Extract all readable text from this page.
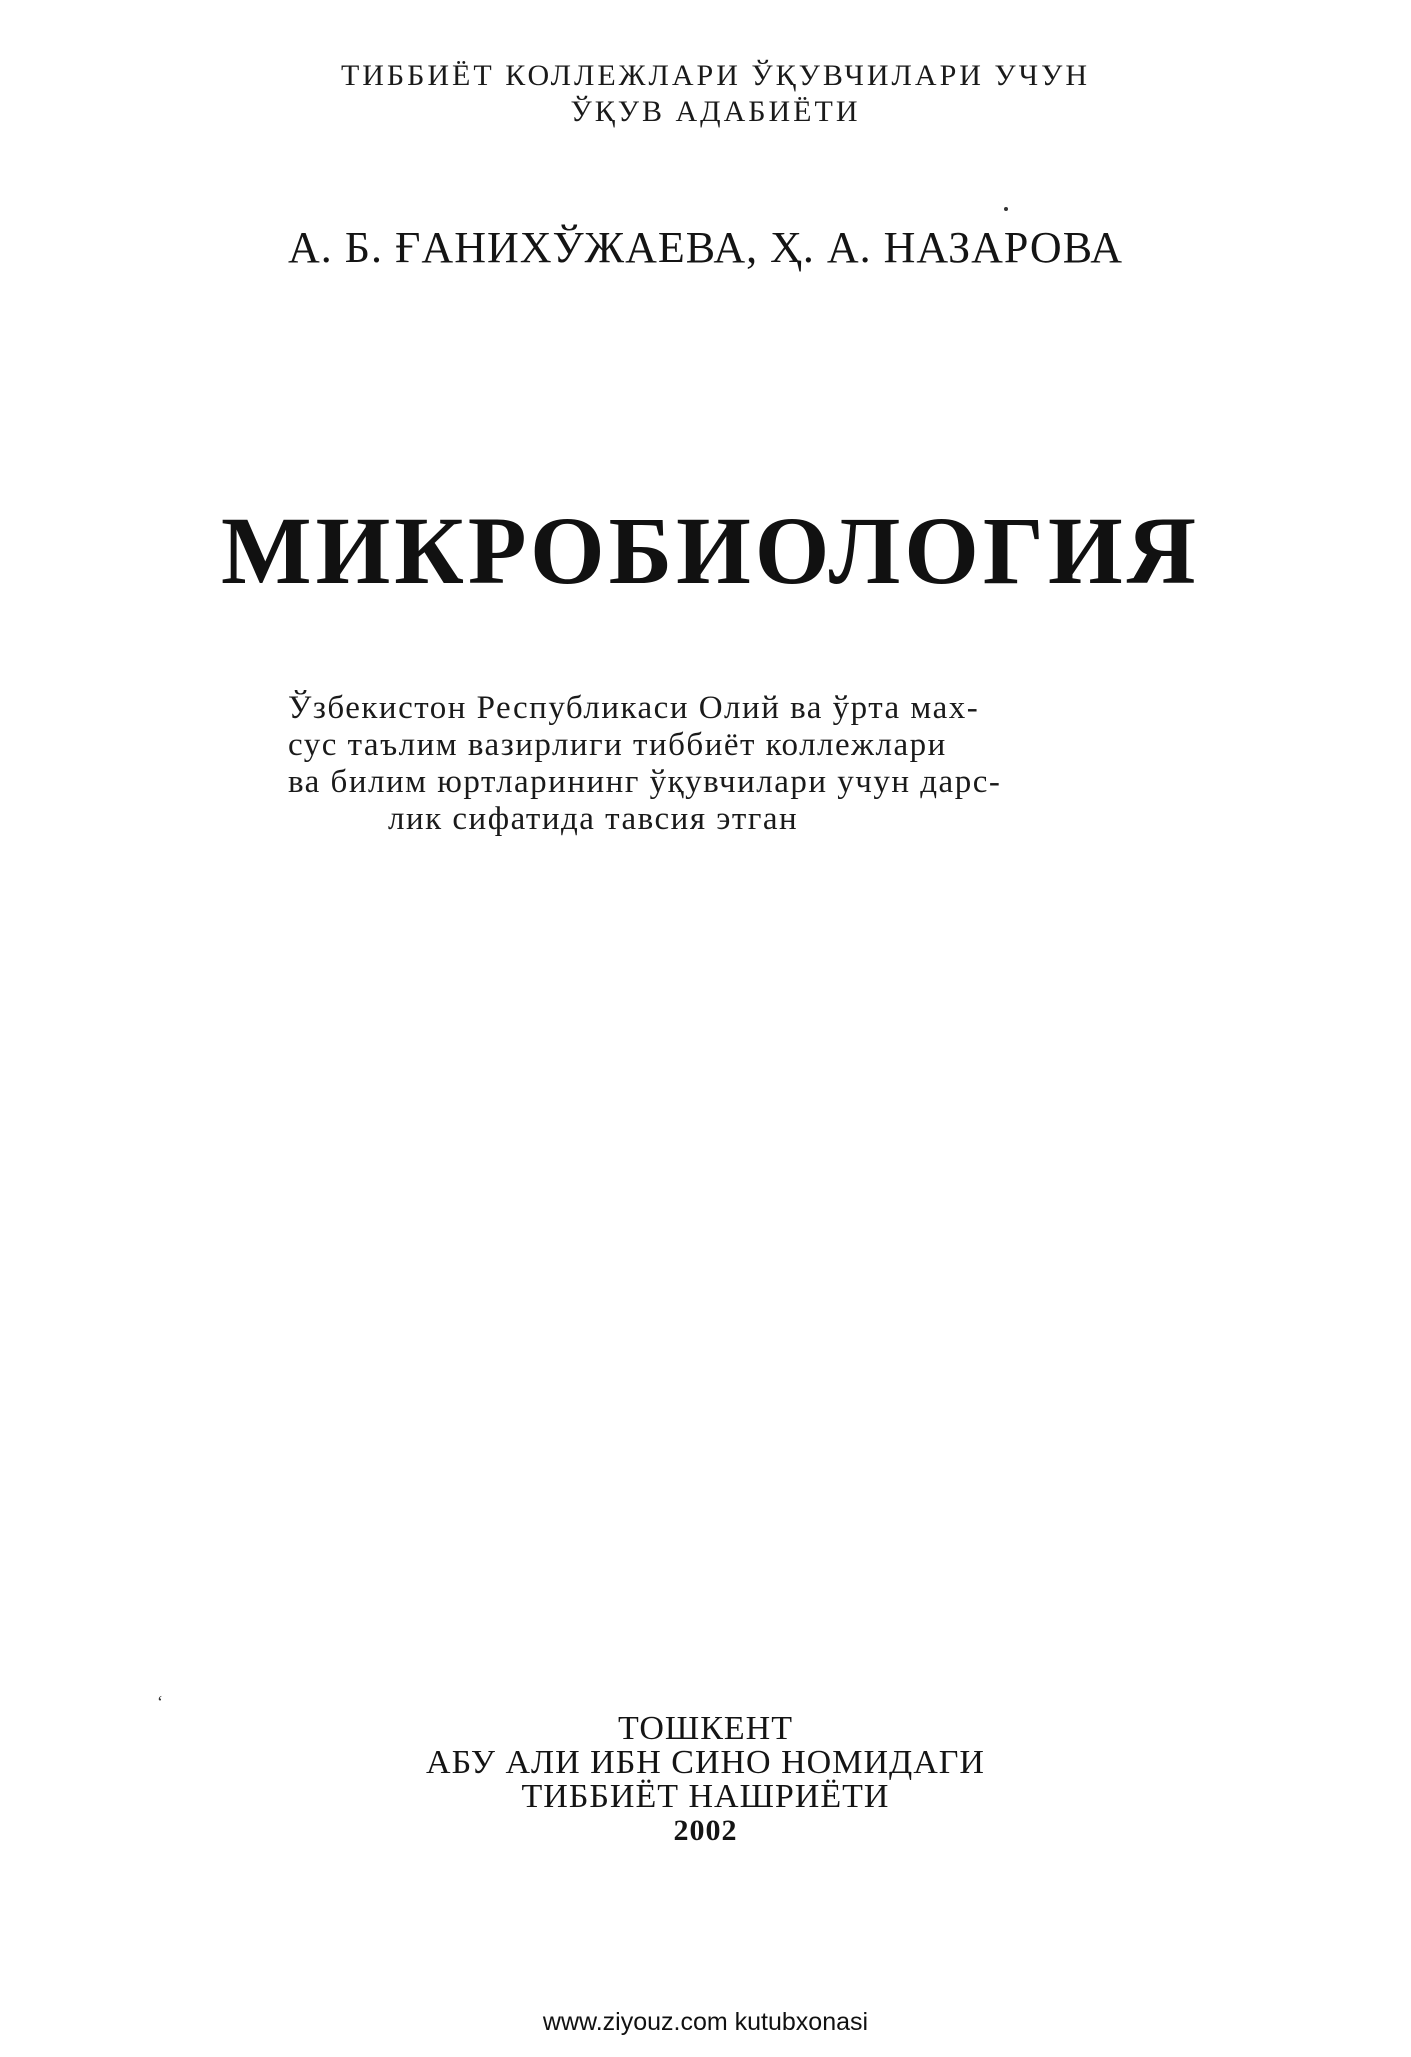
ТИББИЁТ КОЛЛЕЖЛАРИ ЎҚУВЧИЛАРИ УЧУН
ЎҚУВ АДАБИЁТИ
А. Б. ҒАНИХЎЖАЕВА, Ҳ. А. НАЗАРОВА
МИКРОБИОЛОГИЯ
Ўзбекистон Республикаси Олий ва ўрта мах-
сус таълим вазирлиги тиббиёт коллежлари
ва билим юртларининг ўқувчилари учун дарс-
лик сифатида тавсия этган
ʻ
ТОШКЕНТ
АБУ АЛИ ИБН СИНО НОМИДАГИ
ТИББИЁТ НАШРИЁТИ
2002
www.ziyouz.com kutubxonasi
